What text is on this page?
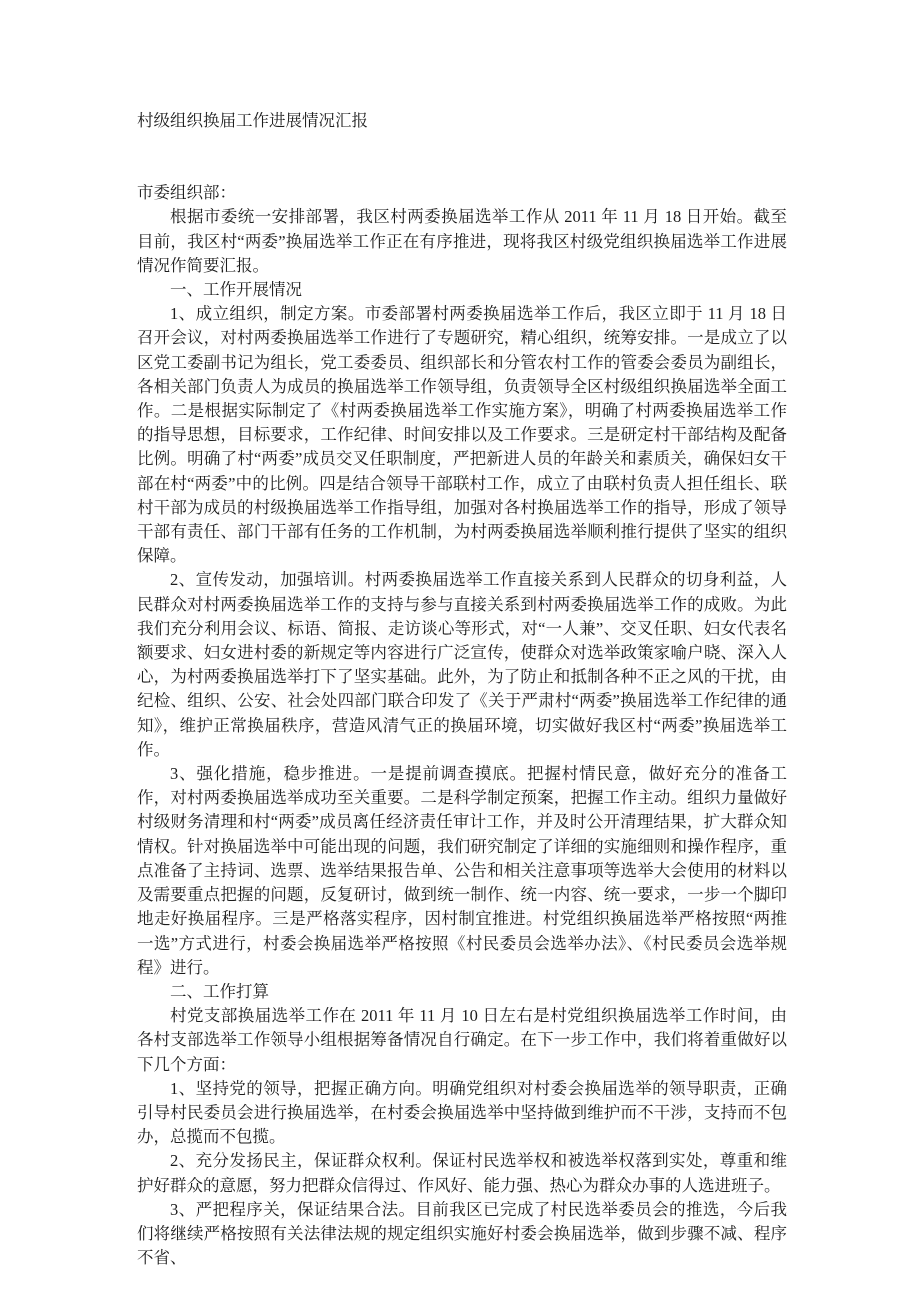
村级组织换届工作进展情况汇报

市委组织部：

根据市委统一安排部署，我区村两委换届选举工作从 2011 年 11 月 18 日开始。截至目前，我区村“两委”换届选举工作正在有序推进，现将我区村级党组织换届选举工作进展情况作简要汇报。

一、工作开展情况

1、成立组织，制定方案。市委部署村两委换届选举工作后，我区立即于 11 月 18 日召开会议，对村两委换届选举工作进行了专题研究，精心组织，统筹安排。一是成立了以区党工委副书记为组长，党工委委员、组织部长和分管农村工作的管委会委员为副组长，各相关部门负责人为成员的换届选举工作领导组，负责领导全区村级组织换届选举全面工作。二是根据实际制定了《村两委换届选举工作实施方案》，明确了村两委换届选举工作的指导思想，目标要求，工作纪律、时间安排以及工作要求。三是研定村干部结构及配备比例。明确了村“两委”成员交叉任职制度，严把新进人员的年龄关和素质关，确保妇女干部在村“两委”中的比例。四是结合领导干部联村工作，成立了由联村负责人担任组长、联村干部为成员的村级换届选举工作指导组，加强对各村换届选举工作的指导，形成了领导干部有责任、部门干部有任务的工作机制，为村两委换届选举顺利推行提供了坚实的组织保障。

2、宣传发动，加强培训。村两委换届选举工作直接关系到人民群众的切身利益，人民群众对村两委换届选举工作的支持与参与直接关系到村两委换届选举工作的成败。为此我们充分利用会议、标语、简报、走访谈心等形式，对“一人兼”、交叉任职、妇女代表名额要求、妇女进村委的新规定等内容进行广泛宣传，使群众对选举政策家喻户晓、深入人心，为村两委换届选举打下了坚实基础。此外，为了防止和抵制各种不正之风的干扰，由纪检、组织、公安、社会处四部门联合印发了《关于严肃村“两委”换届选举工作纪律的通知》，维护正常换届秩序，营造风清气正的换届环境，切实做好我区村“两委”换届选举工作。

3、强化措施，稳步推进。一是提前调查摸底。把握村情民意，做好充分的准备工作，对村两委换届选举成功至关重要。二是科学制定预案，把握工作主动。组织力量做好村级财务清理和村“两委”成员离任经济责任审计工作，并及时公开清理结果，扩大群众知情权。针对换届选举中可能出现的问题，我们研究制定了详细的实施细则和操作程序，重点准备了主持词、选票、选举结果报告单、公告和相关注意事项等选举大会使用的材料以及需要重点把握的问题，反复研讨，做到统一制作、统一内容、统一要求，一步一个脚印地走好换届程序。三是严格落实程序，因村制宜推进。村党组织换届选举严格按照“两推一选”方式进行，村委会换届选举严格按照《村民委员会选举办法》、《村民委员会选举规程》进行。

二、工作打算

村党支部换届选举工作在 2011 年 11 月 10 日左右是村党组织换届选举工作时间，由各村支部选举工作领导小组根据筹备情况自行确定。在下一步工作中，我们将着重做好以下几个方面：

1、坚持党的领导，把握正确方向。明确党组织对村委会换届选举的领导职责，正确引导村民委员会进行换届选举，在村委会换届选举中坚持做到维护而不干涉，支持而不包办，总揽而不包揽。

2、充分发扬民主，保证群众权利。保证村民选举权和被选举权落到实处，尊重和维护好群众的意愿，努力把群众信得过、作风好、能力强、热心为群众办事的人选进班子。

3、严把程序关，保证结果合法。目前我区已完成了村民选举委员会的推选，今后我们将继续严格按照有关法律法规的规定组织实施好村委会换届选举，做到步骤不减、程序不省、
